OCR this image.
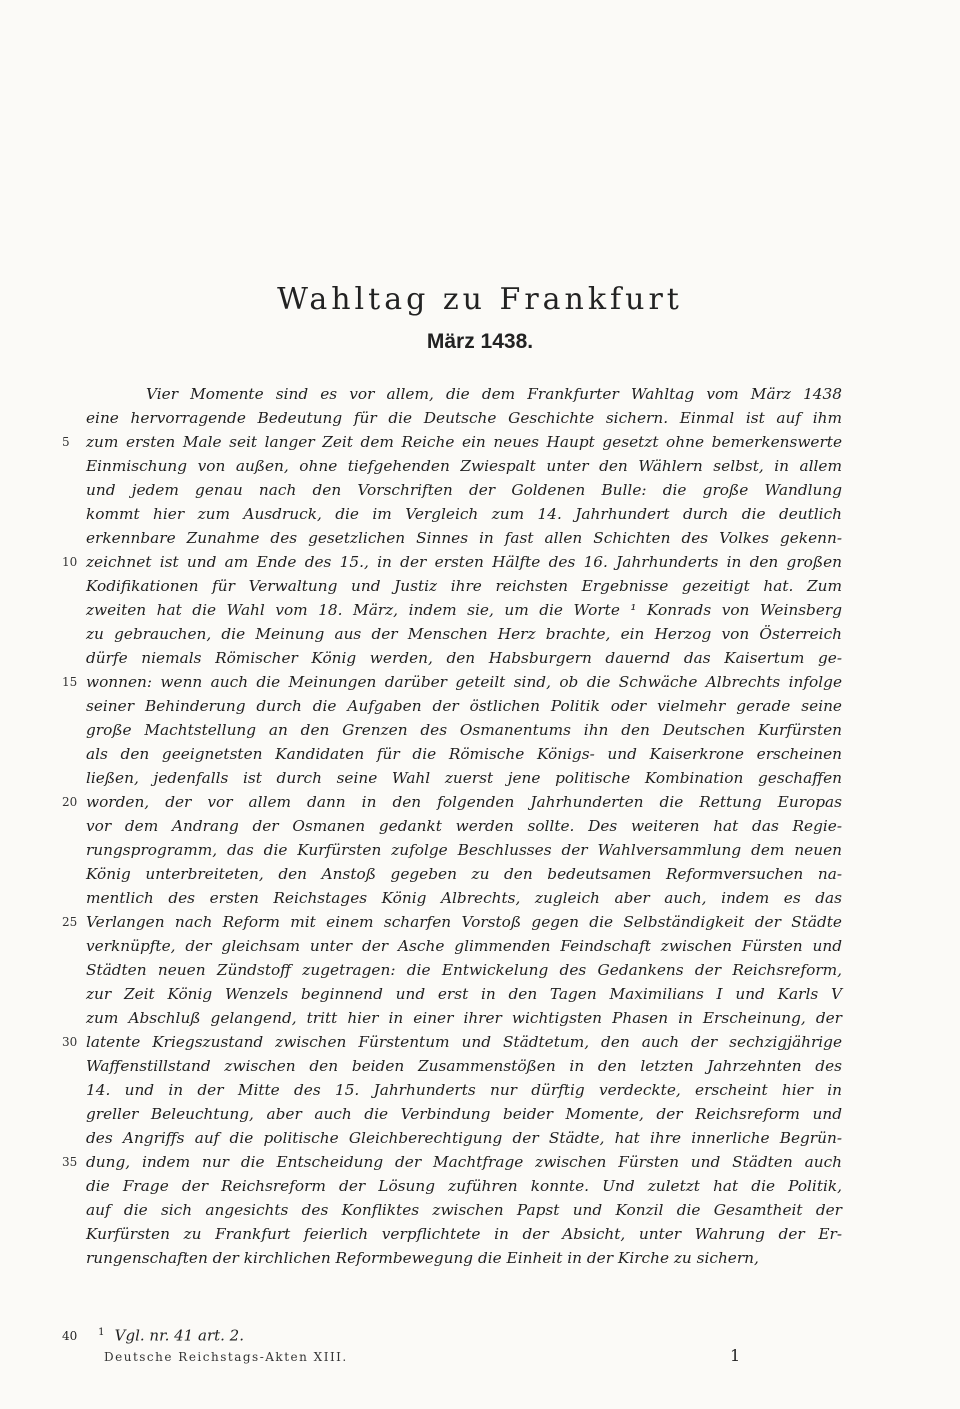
Wahltag zu Frankfurt
März 1438.
Vier Momente sind es vor allem, die dem Frankfurter Wahltag vom März 1438
eine hervorragende Bedeutung für die Deutsche Geschichte sichern. Einmal ist auf ihm
5	zum ersten Male seit langer Zeit dem Reiche ein neues Haupt gesetzt ohne bemerkenswerte
Einmischung von außen, ohne tiefgehenden Zwiespalt unter den Wählern selbst, in allem
und jedem genau nach den Vorschriften der Goldenen Bulle: die große Wandlung
kommt hier zum Ausdruck, die im Vergleich zum 14. Jahrhundert durch die deutlich
erkennbare Zunahme des gesetzlichen Sinnes in fast allen Schichten des Volkes gekenn-
10 zeichnet ist und am Ende des 15., in der ersten Hälfte des 16. Jahrhunderts in den großen
Kodifikationen für Verwaltung und Justiz ihre reichsten Ergebnisse gezeitigt hat. Zum
zweiten hat die Wahl vom 18. März, indem sie, um die Worte ¹ Konrads von Weinsberg
zu gebrauchen, die Meinung aus der Menschen Herz brachte, ein Herzog von Österreich
dürfe niemals Römischer König werden, den Habsburgern dauernd das Kaisertum ge-
15 wonnen: wenn auch die Meinungen darüber geteilt sind, ob die Schwäche Albrechts infolge
seiner Behinderung durch die Aufgaben der östlichen Politik oder vielmehr gerade seine
große Machtstellung an den Grenzen des Osmanentums ihn den Deutschen Kurfürsten
als den geeignetsten Kandidaten für die Römische Königs- und Kaiserkrone erscheinen
ließen, jedenfalls ist durch seine Wahl zuerst jene politische Kombination geschaffen
20 worden, der vor allem dann in den folgenden Jahrhunderten die Rettung Europas
vor dem Andrang der Osmanen gedankt werden sollte. Des weiteren hat das Regie-
rungsprogramm, das die Kurfürsten zufolge Beschlusses der Wahlversammlung dem neuen
König unterbreiteten, den Anstoß gegeben zu den bedeutsamen Reformversuchen na-
mentlich des ersten Reichstages König Albrechts, zugleich aber auch, indem es das
25 Verlangen nach Reform mit einem scharfen Vorstoß gegen die Selbständigkeit der Städte
verknüpfte, der gleichsam unter der Asche glimmenden Feindschaft zwischen Fürsten und
Städten neuen Zündstoff zugetragen: die Entwickelung des Gedankens der Reichsreform,
zur Zeit König Wenzels beginnend und erst in den Tagen Maximilians I und Karls V
zum Abschluß gelangend, tritt hier in einer ihrer wichtigsten Phasen in Erscheinung, der
30 latente Kriegszustand zwischen Fürstentum und Städtetum, den auch der sechzigjährige
Waffenstillstand zwischen den beiden Zusammenstößen in den letzten Jahrzehnten des
14. und in der Mitte des 15. Jahrhunderts nur dürftig verdeckte, erscheint hier in
greller Beleuchtung, aber auch die Verbindung beider Momente, der Reichsreform und
des Angriffs auf die politische Gleichberechtigung der Städte, hat ihre innerliche Begrün-
35 dung, indem nur die Entscheidung der Machtfrage zwischen Fürsten und Städten auch
die Frage der Reichsreform der Lösung zuführen konnte. Und zuletzt hat die Politik,
auf die sich angesichts des Konfliktes zwischen Papst und Konzil die Gesamtheit der
Kurfürsten zu Frankfurt feierlich verpflichtete in der Absicht, unter Wahrung der Er-
rungenschaften der kirchlichen Reformbewegung die Einheit in der Kirche zu sichern,
40 $^1$ Vgl. nr. 41 art. 2.
Deutsche Reichstags-Akten XIII.	1
